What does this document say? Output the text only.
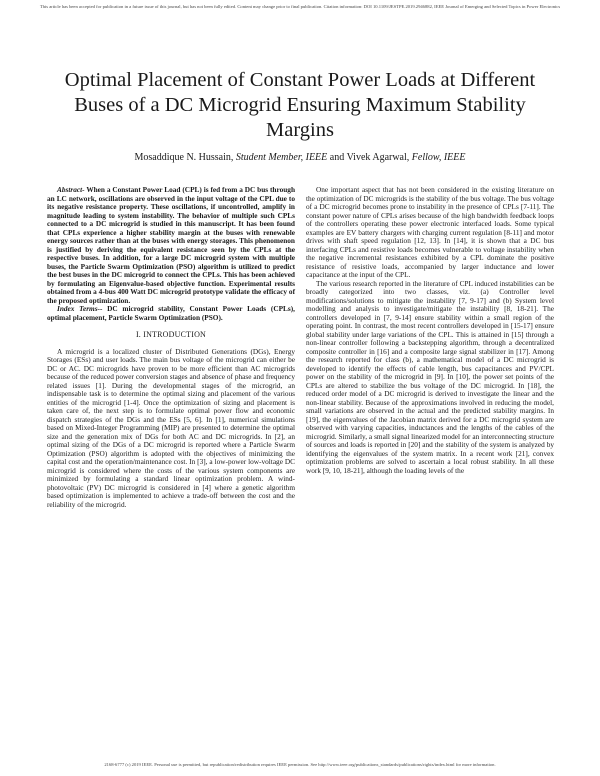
This article has been accepted for publication in a future issue of this journal, but has not been fully edited. Content may change prior to final publication. Citation information: DOI 10.1109/JESTPE.2019.2946882, IEEE Journal of Emerging and Selected Topics in Power Electronics
Optimal Placement of Constant Power Loads at Different Buses of a DC Microgrid Ensuring Maximum Stability Margins
Mosaddique N. Hussain, Student Member, IEEE and Vivek Agarwal, Fellow, IEEE

Abstract- When a Constant Power Load (CPL) is fed from a DC bus through an LC network, oscillations are observed in the input voltage of the CPL due to its negative resistance property. These oscillations, if uncontrolled, amplify in magnitude leading to system instability. The behavior of multiple such CPLs connected to a DC microgrid is studied in this manuscript. It has been found that CPLs experience a higher stability margin at the buses with renewable energy sources rather than at the buses with energy storages. This phenomenon is justified by deriving the equivalent resistance seen by the CPLs at the respective buses. In addition, for a large DC microgrid system with multiple buses, the Particle Swarm Optimization (PSO) algorithm is utilized to predict the best buses in the DC microgrid to connect the CPLs. This has been achieved by formulating an Eigenvalue-based objective function. Experimental results obtained from a 4-bus 400 Watt DC microgrid prototype validate the efficacy of the proposed optimization.

Index Terms-- DC microgrid stability, Constant Power Loads (CPLs), optimal placement, Particle Swarm Optimization (PSO).

I. INTRODUCTION

A microgrid is a localized cluster of Distributed Generations (DGs), Energy Storages (ESs) and user loads. The main bus voltage of the microgrid can either be DC or AC. DC microgrids have proven to be more efficient than AC microgrids because of the reduced power conversion stages and absence of phase and frequency related issues [1]. During the developmental stages of the microgrid, an indispensable task is to determine the optimal sizing and placement of the various entities of the microgrid [1-4]. Once the optimization of sizing and placement is taken care of, the next step is to formulate optimal power flow and economic dispatch strategies of the DGs and the ESs [5, 6]. In [1], numerical simulations based on Mixed-Integer Programming (MIP) are presented to determine the optimal size and the generation mix of DGs for both AC and DC microgrids. In [2], an optimal sizing of the DGs of a DC microgrid is reported where a Particle Swarm Optimization (PSO) algorithm is adopted with the objectives of minimizing the capital cost and the operation/maintenance cost. In [3], a low-power low-voltage DC microgrid is considered where the costs of the various system components are minimized by formulating a standard linear optimization problem. A wind-photovoltaic (PV) DC microgrid is considered in [4] where a genetic algorithm based optimization is implemented to achieve a trade-off between the cost and the reliability of the microgrid.

One important aspect that has not been considered in the existing literature on the optimization of DC microgrids is the stability of the bus voltage. The bus voltage of a DC microgrid becomes prone to instability in the presence of CPLs [7-11]. The constant power nature of CPLs arises because of the high bandwidth feedback loops of the controllers operating these power electronic interfaced loads. Some typical examples are EV battery chargers with charging current regulation [8-11] and motor drives with shaft speed regulation [12, 13]. In [14], it is shown that a DC bus interfacing CPLs and resistive loads becomes vulnerable to voltage instability when the negative incremental resistances exhibited by a CPL dominate the positive resistance of resistive loads, accompanied by larger inductance and lower capacitance at the input of the CPL.

The various research reported in the literature of CPL induced instabilities can be broadly categorized into two classes, viz. (a) Controller level modifications/solutions to mitigate the instability [7, 9-17] and (b) System level modelling and analysis to investigate/mitigate the instability [8, 18-21]. The controllers developed in [7, 9-14] ensure stability within a small region of the operating point. In contrast, the most recent controllers developed in [15-17] ensure global stability under large variations of the CPL. This is attained in [15] through a non-linear controller following a backstepping algorithm, through a decentralized composite controller in [16] and a composite large signal stabilizer in [17]. Among the research reported for class (b), a mathematical model of a DC microgrid is developed to identify the effects of cable length, bus capacitances and PV/CPL power on the stability of the microgrid in [9]. In [10], the power set points of the CPLs are altered to stabilize the bus voltage of the DC microgrid. In [18], the reduced order model of a DC microgrid is derived to investigate the linear and the non-linear stability. Because of the approximations involved in reducing the model, small variations are observed in the actual and the predicted stability margins. In [19], the eigenvalues of the Jacobian matrix derived for a DC microgrid system are observed with varying capacities, inductances and the lengths of the cables of the microgrid. Similarly, a small signal linearized model for an interconnecting structure of sources and loads is reported in [20] and the stability of the system is analyzed by identifying the eigenvalues of the system matrix. In a recent work [21], convex optimization problems are solved to ascertain a local robust stability. In all these work [9, 10, 18-21], although the loading levels of the

2168-6777 (c) 2019 IEEE. Personal use is permitted, but republication/redistribution requires IEEE permission. See http://www.ieee.org/publications_standards/publications/rights/index.html for more information.
